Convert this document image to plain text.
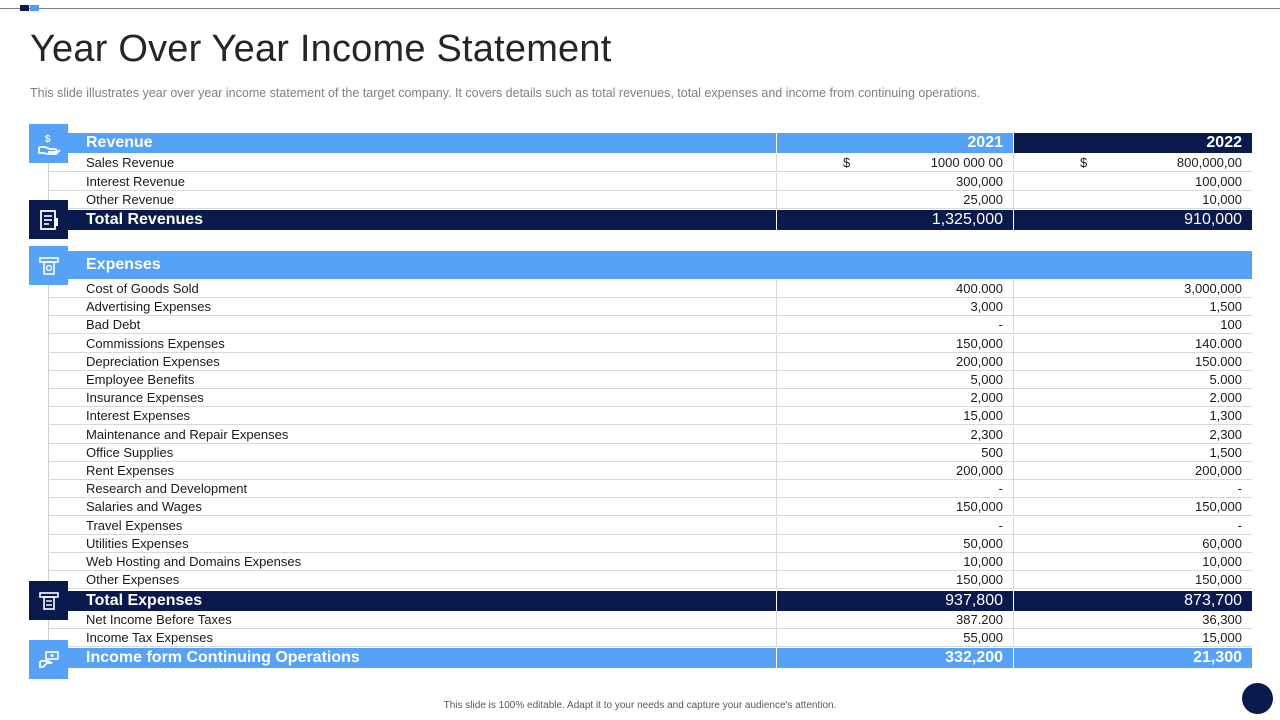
Year Over Year Income Statement

This slide illustrates year over year income statement of the target company. It covers details such as total revenues, total expenses and income from continuing operations.

Revenue	2021	2022
$
Sales Revenue	$	1000 000 00	$	800,000,00
Interest Revenue	300,000	100,000
Other Revenue	25,000	10,000
Total Revenues	1,325,000	910,000
Expenses
Cost of Goods Sold	400.000	3,000,000
Advertising Expenses	3,000	1,500
Bad Debt	-	100
Commissions Expenses	150,000	140.000
Depreciation Expenses	200,000	150.000
Employee Benefits	5,000	5.000
Insurance Expenses	2,000	2.000
Interest Expenses	15,000	1,300
Maintenance and Repair Expenses	2,300	2,300
Office Supplies	500	1,500
Rent Expenses	200,000	200,000
Research and Development	-	-
Salaries and Wages	150,000	150,000
Travel Expenses	-	-
Utilities Expenses	50,000	60,000
Web Hosting and Domains Expenses	10,000	10,000
Other Expenses	150,000	150,000
Total Expenses	937,800	873,700
Net Income Before Taxes	387.200	36,300
Income Tax Expenses	55,000	15,000
Income form Continuing Operations	332,200	21,300

This slide is 100% editable. Adapt it to your needs and capture your audience's attention.
